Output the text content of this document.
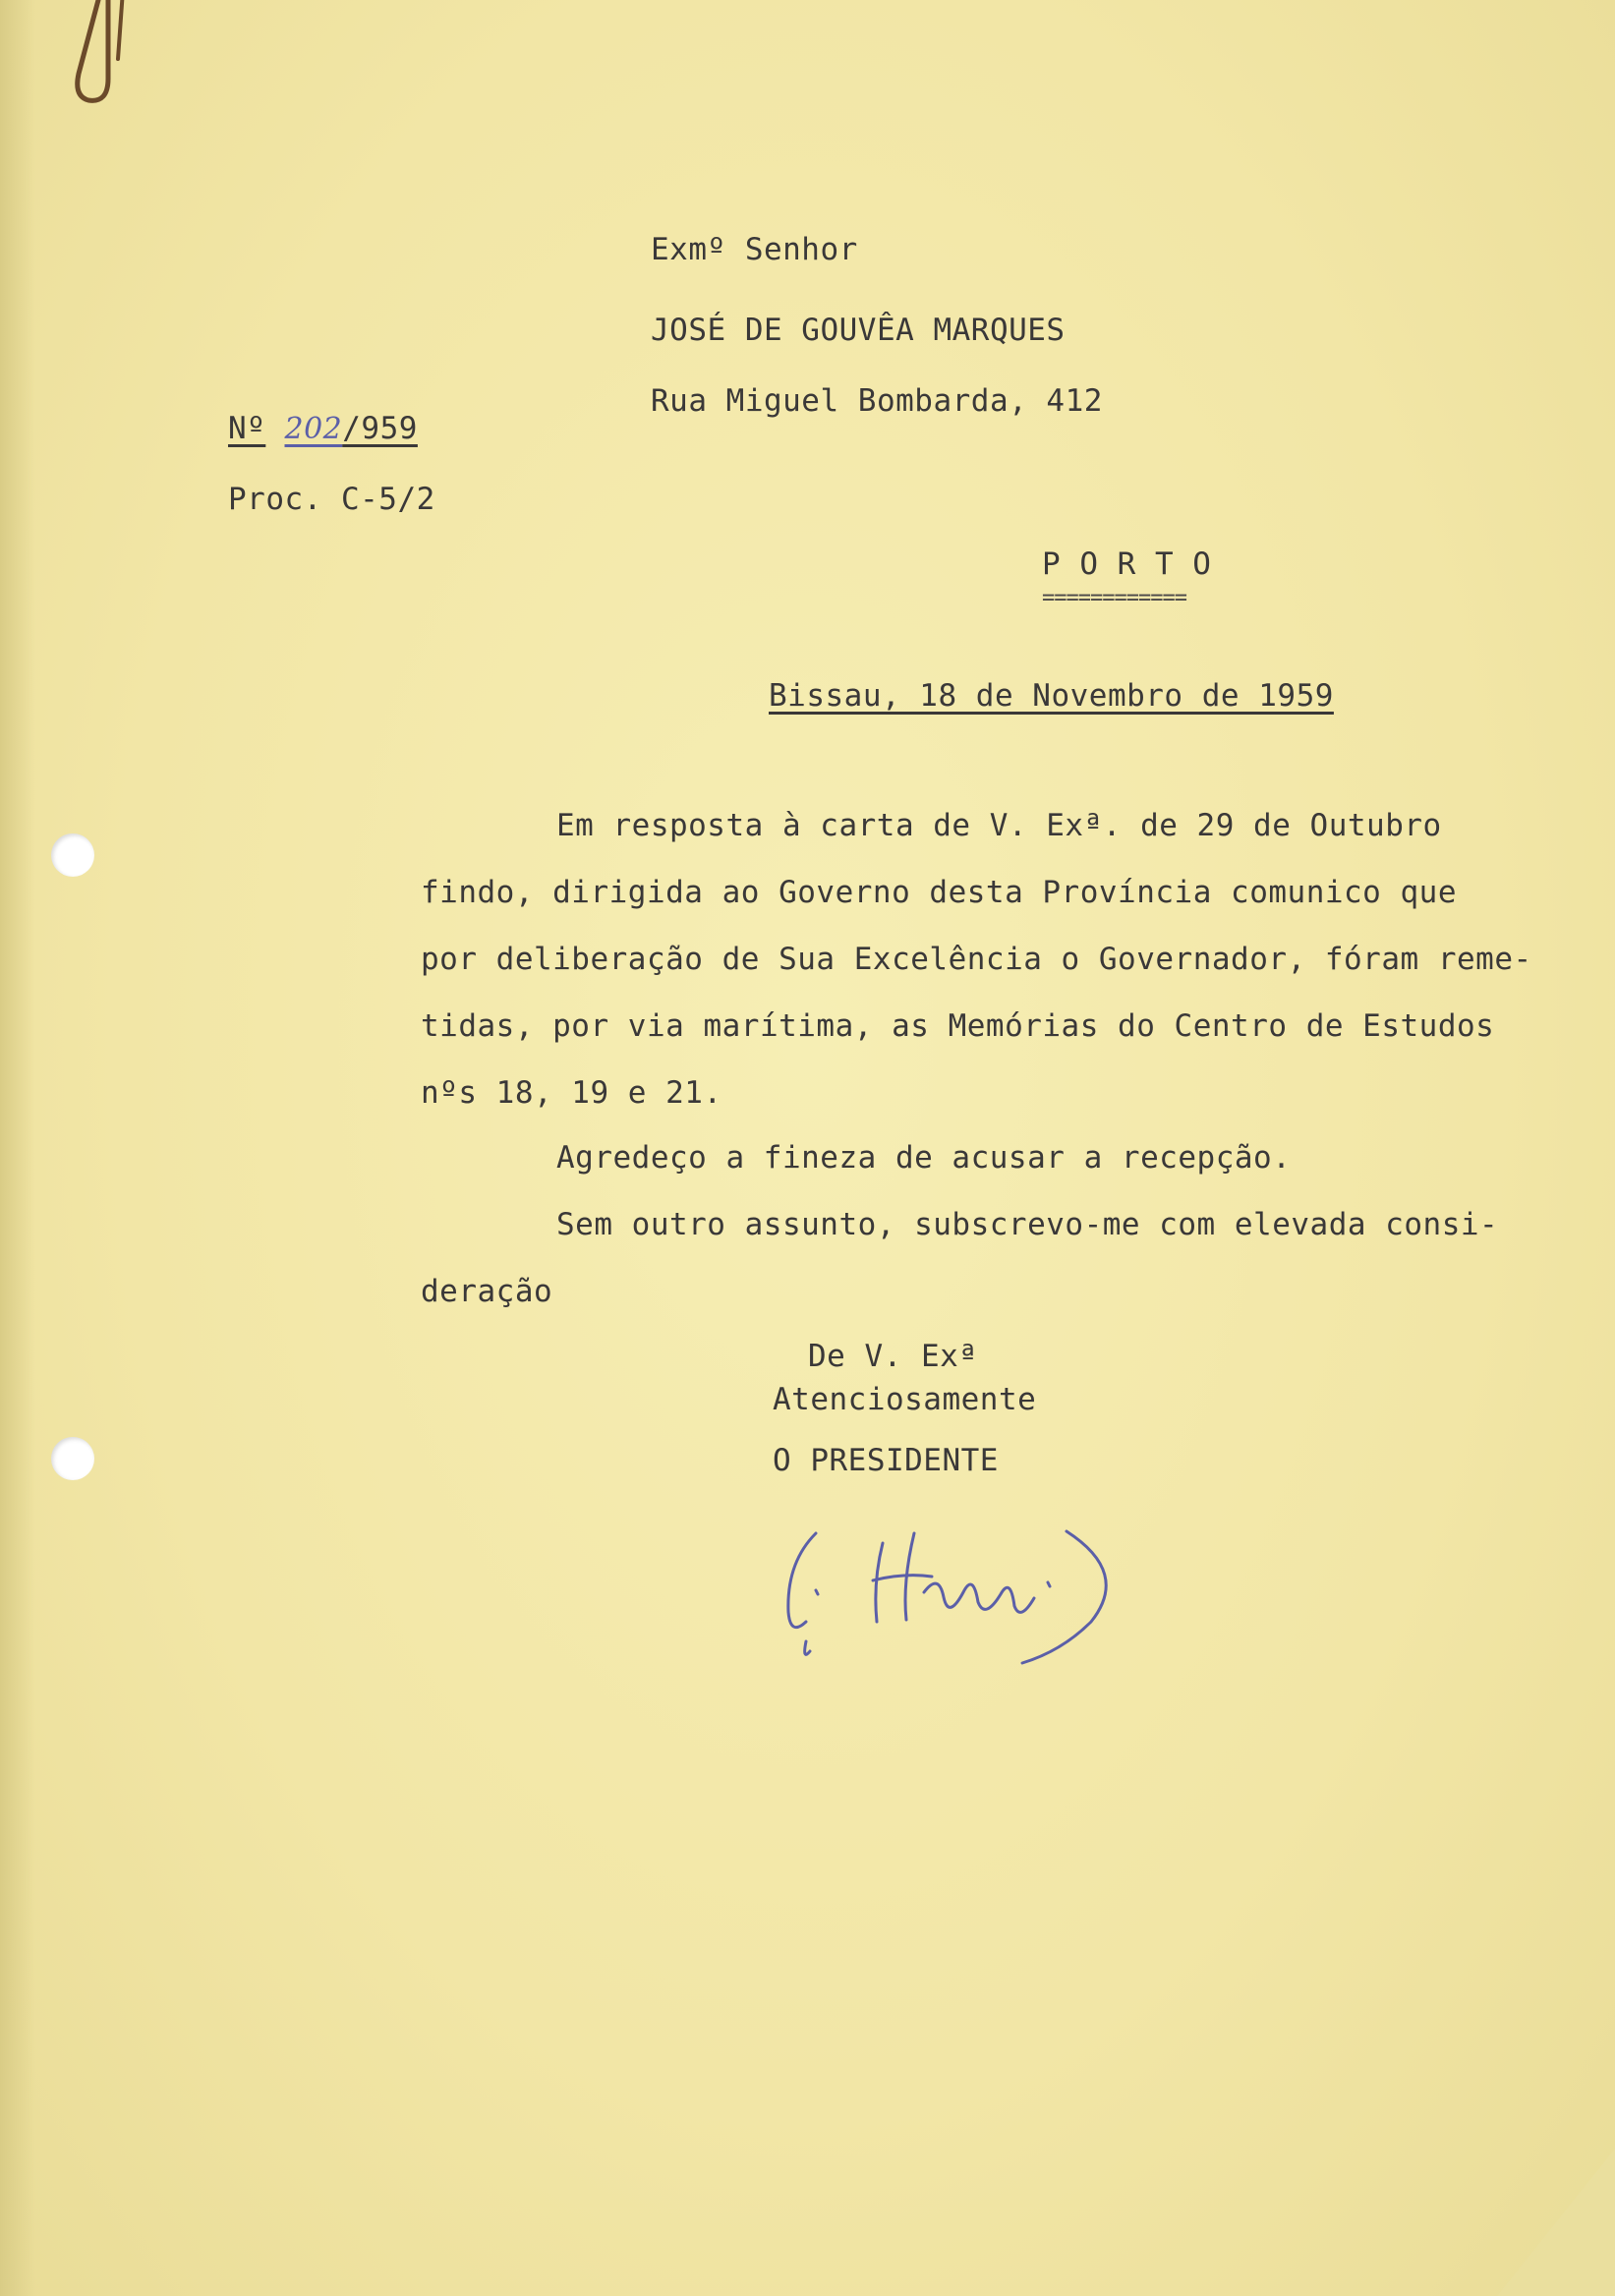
Exmº Senhor

JOSÉ DE GOUVÊA MARQUES

Rua Miguel Bombarda, 412

Nº 202/959

Proc. C-5/2

P O R T O

============

Bissau, 18 de Novembro de 1959

Em resposta à carta de V. Exª. de 29 de Outubro

findo, dirigida ao Governo desta Província comunico que

por deliberação de Sua Excelência o Governador, fóram reme-

tidas, por via marítima, as Memórias do Centro de Estudos

nºs 18, 19 e 21.

Agredeço a fineza de acusar a recepção.

Sem outro assunto, subscrevo-me com elevada consi-

deração

De V. Exª

Atenciosamente

O PRESIDENTE
